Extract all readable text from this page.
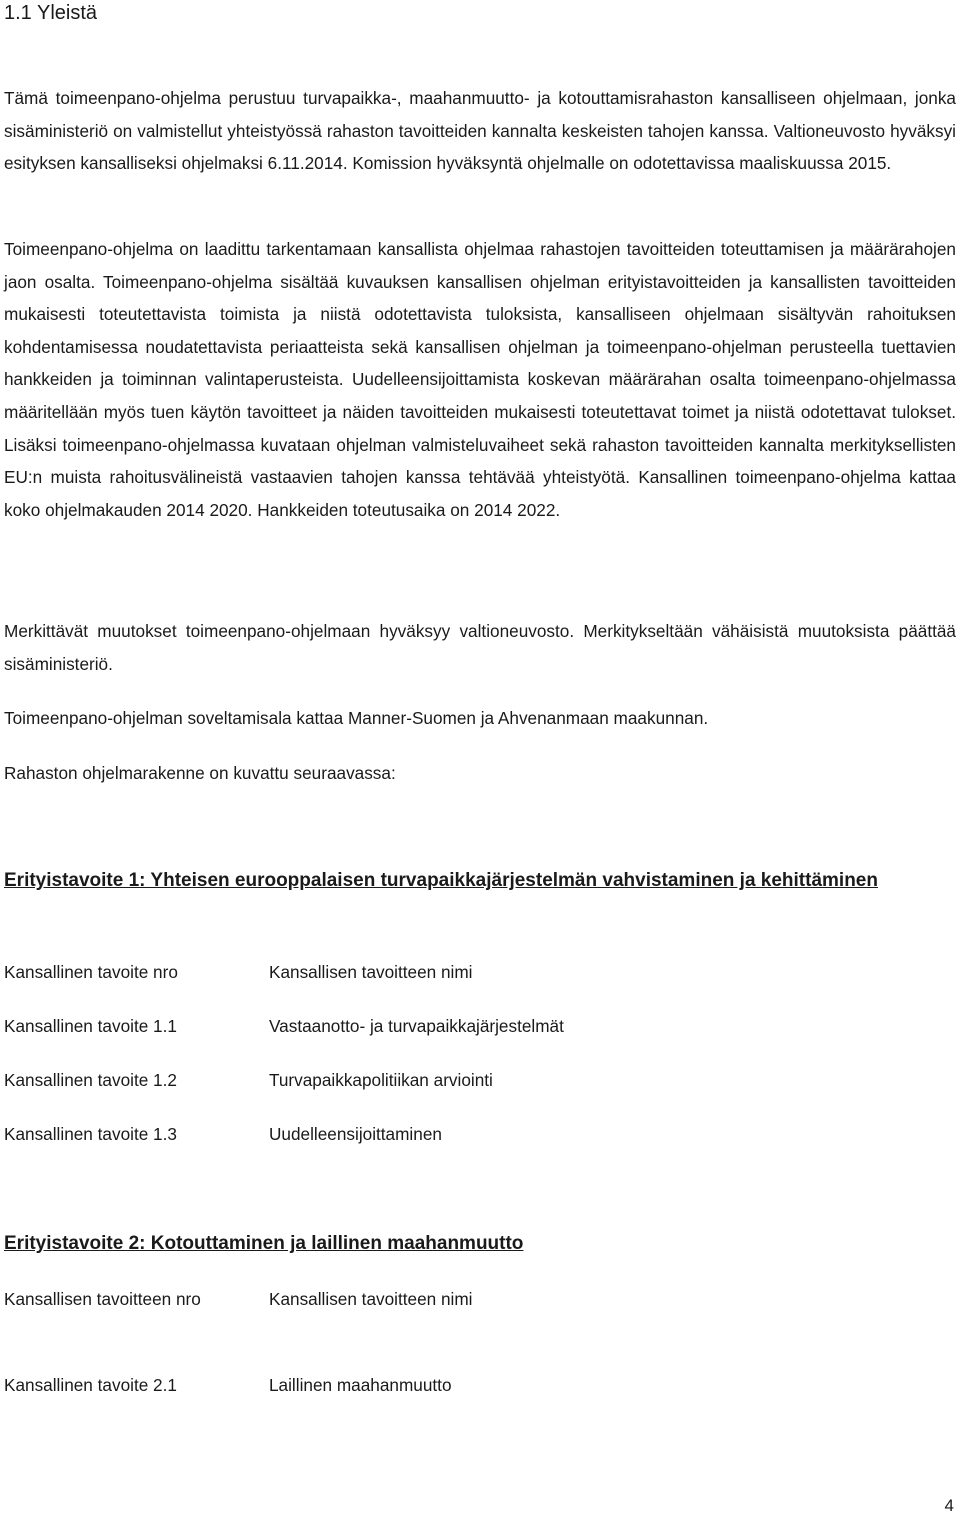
1.1 Yleistä

Tämä toimeenpano-ohjelma perustuu turvapaikka-, maahanmuutto- ja kotouttamisrahaston kansalliseen ohjelmaan, jonka sisäministeriö on valmistellut yhteistyössä rahaston tavoitteiden kannalta keskeisten tahojen kanssa. Valtioneuvosto hyväksyi esityksen kansalliseksi ohjelmaksi 6.11.2014. Komission hyväksyntä ohjelmalle on odotettavissa maaliskuussa 2015.

Toimeenpano-ohjelma on laadittu tarkentamaan kansallista ohjelmaa rahastojen tavoitteiden toteuttamisen ja määrärahojen jaon osalta. Toimeenpano-ohjelma sisältää kuvauksen kansallisen ohjelman erityistavoitteiden ja kansallisten tavoitteiden mukaisesti toteutettavista toimista ja niistä odotettavista tuloksista, kansalliseen ohjelmaan sisältyvän rahoituksen kohdentamisessa noudatettavista periaatteista sekä kansallisen ohjelman ja toimeenpano-ohjelman perusteella tuettavien hankkeiden ja toiminnan valintaperusteista. Uudelleensijoittamista koskevan määrärahan osalta toimeenpano-ohjelmassa määritellään myös tuen käytön tavoitteet ja näiden tavoitteiden mukaisesti toteutettavat toimet ja niistä odotettavat tulokset. Lisäksi toimeenpano-ohjelmassa kuvataan ohjelman valmisteluvaiheet sekä rahaston tavoitteiden kannalta merkityksellisten EU:n muista rahoitusvälineistä vastaavien tahojen kanssa tehtävää yhteistyötä. Kansallinen toimeenpano-ohjelma kattaa koko ohjelmakauden 2014 2020. Hankkeiden toteutusaika on 2014 2022.

Merkittävät muutokset toimeenpano-ohjelmaan hyväksyy valtioneuvosto. Merkitykseltään vähäisistä muutoksista päättää sisäministeriö.

Toimeenpano-ohjelman soveltamisala kattaa Manner-Suomen ja Ahvenanmaan maakunnan.

Rahaston ohjelmarakenne on kuvattu seuraavassa:

Erityistavoite 1: Yhteisen eurooppalaisen turvapaikkajärjestelmän vahvistaminen ja kehittäminen
Kansallinen tavoite nro	Kansallisen tavoitteen nimi
Kansallinen tavoite 1.1	Vastaanotto- ja turvapaikkajärjestelmät
Kansallinen tavoite 1.2	Turvapaikkapolitiikan arviointi
Kansallinen tavoite 1.3	Uudelleensijoittaminen
Erityistavoite 2: Kotouttaminen ja laillinen maahanmuutto
Kansallisen tavoitteen nro	Kansallisen tavoitteen nimi
Kansallinen tavoite 2.1	Laillinen maahanmuutto
4
